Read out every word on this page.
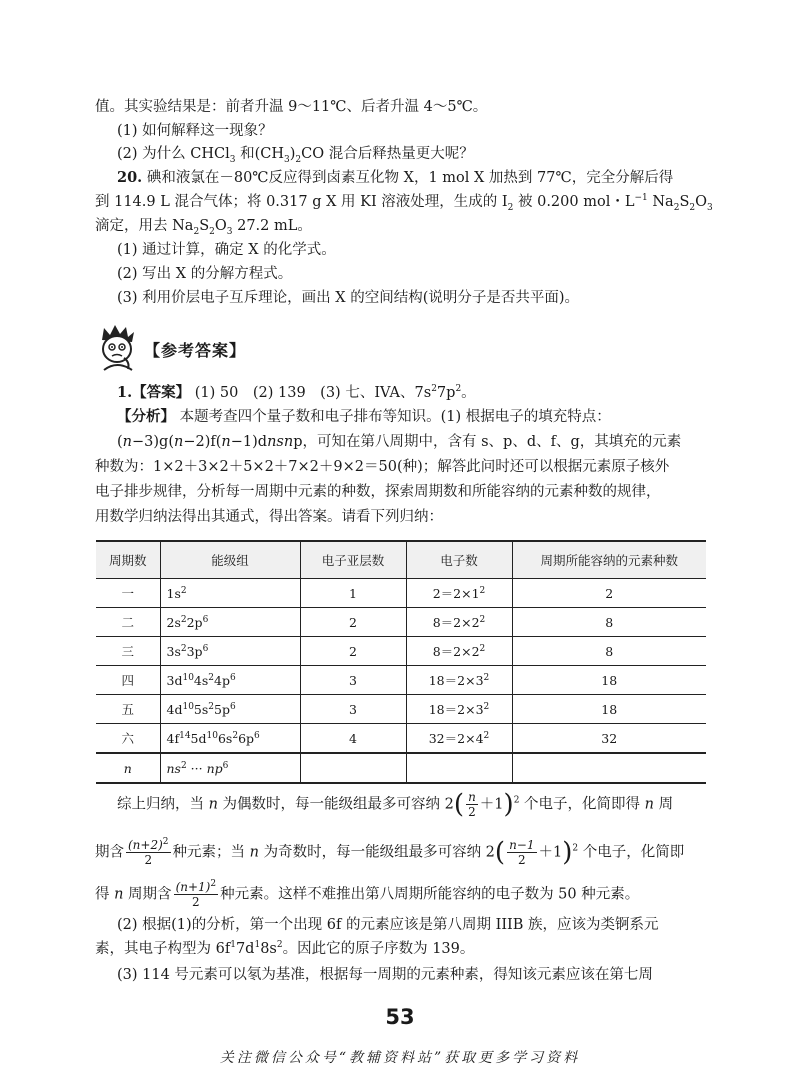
值。其实验结果是：前者升温 9～11℃、后者升温 4～5℃。
(1) 如何解释这一现象？
(2) 为什么 CHCl$_3$ 和$(CH_3)_2CO$ 混合后释热量更大呢？
20. 碘和液氯在－80℃反应得到卤素互化物 X，1 mol X 加热到 77℃，完全分解后得
到 114.9 L 混合气体；将 0.317 g X 用 KI 溶液处理，生成的 $I_2$ 被 0.200 mol・$L^{-1}$ $Na_2S_2O_3$
滴定，用去 $Na_2S_2O_3$ 27.2 mL。
(1) 通过计算，确定 X 的化学式。
(2) 写出 X 的分解方程式。
(3) 利用价层电子互斥理论，画出 X 的空间结构(说明分子是否共平面)。
【参考答案】
1.【答案】 (1) 50　(2) 139　(3) 七、IVA、$7s^27p^2$。
【分析】 本题考查四个量子数和电子排布等知识。(1) 根据电子的填充特点：
(n−3)g(n−2)f(n−1)dnsnp，可知在第八周期中，含有 s、p、d、f、g，其填充的元素
种数为：1×2＋3×2＋5×2＋7×2＋9×2＝50(种)；解答此问时还可以根据元素原子核外
电子排步规律，分析每一周期中元素的种数，探索周期数和所能容纳的元素种数的规律，
用数学归纳法得出其通式，得出答案。请看下列归纳：
周期数	能级组	电子亚层数	电子数	周期所能容纳的元素种数
一	$1s^2$	1	$2=2\times 1^2$	2
二	$2s^22p^6$	2	$8=2\times 2^2$	8
三	$3s^23p^6$	2	$8=2\times 2^2$	8
四	$3d^{10}4s^24p^6$	3	$18=2\times 3^2$	18
五	$4d^{10}5s^25p^6$	3	$18=2\times 3^2$	18
六	$4f^{14}5d^{10}6s^26p^6$	4	$32=2\times 4^2$	32
n	$ns^2$ ··· $np^6$			
综上归纳，当 n 为偶数时，每一能级组最多可容纳 $2( \frac{n}{2} +1)^2$ 个电子，化简即得 n 周
期含 $\frac{(n+2)^2}{2}$ 种元素；当 n 为奇数时，每一能级组最多可容纳 $2( \frac{n-1}{2} +1)^2$ 个电子，化简即
得 n 周期含 $\frac{(n+1)^2}{2}$ 种元素。这样不难推出第八周期所能容纳的电子数为 50 种元素。
(2) 根据(1)的分析，第一个出现 6f 的元素应该是第八周期 IIIB 族，应该为类锕系元
素，其电子构型为 $6f^17d^18s^2$。因此它的原子序数为 139。
(3) 114 号元素可以氡为基准，根据每一周期的元素种素，得知该元素应该在第七周
53
关注微信公众号“教辅资料站”获取更多学习资料
